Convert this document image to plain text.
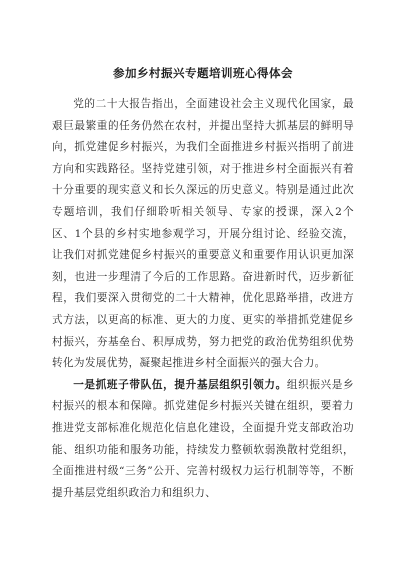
参加乡村振兴专题培训班心得体会

党的二十大报告指出，全面建设社会主义现代化国家，最艰巨最繁重的任务仍然在农村，并提出坚持大抓基层的鲜明导向，抓党建促乡村振兴，为我们全面推进乡村振兴指明了前进方向和实践路径。坚持党建引领，对于推进乡村全面振兴有着十分重要的现实意义和长久深远的历史意义。特别是通过此次专题培训，我们仔细聆听相关领导、专家的授课，深入2个区、1个县的乡村实地参观学习，开展分组讨论、经验交流，让我们对抓党建促乡村振兴的重要意义和重要作用认识更加深刻，也进一步理清了今后的工作思路。奋进新时代，迈步新征程，我们要深入贯彻党的二十大精神，优化思路举措，改进方式方法，以更高的标准、更大的力度、更实的举措抓党建促乡村振兴，夯基垒台、积厚成势，努力把党的政治优势组织优势转化为发展优势，凝聚起推进乡村全面振兴的强大合力。

一是抓班子带队伍，提升基层组织引领力。组织振兴是乡村振兴的根本和保障。抓党建促乡村振兴关键在组织，要着力推进党支部标准化规范化信息化建设，全面提升党支部政治功能、组织功能和服务功能，持续发力整顿软弱涣散村党组织，全面推进村级“三务”公开、完善村级权力运行机制等等，不断提升基层党组织政治力和组织力、
